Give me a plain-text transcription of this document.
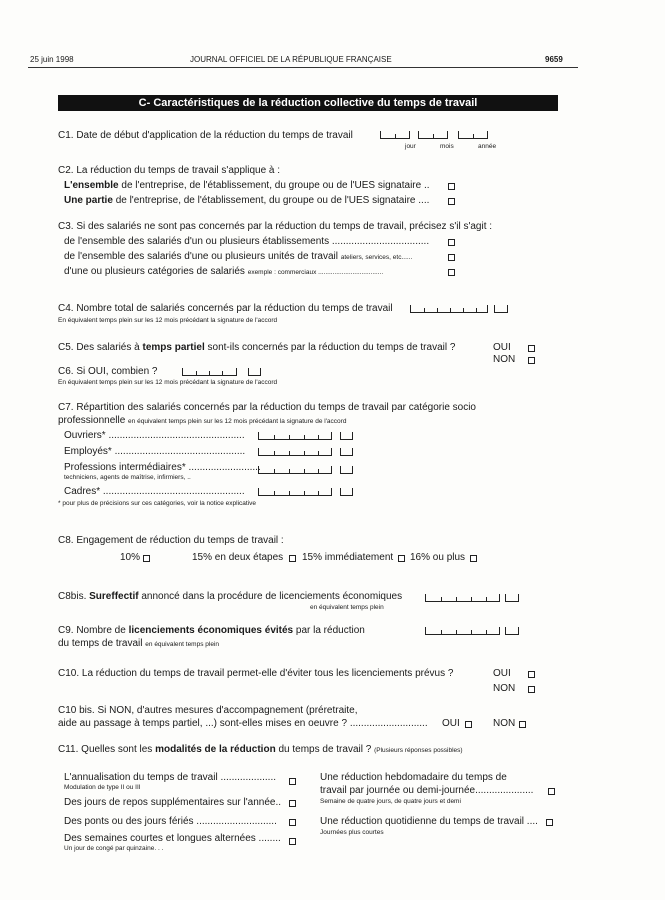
25 juin 1998	JOURNAL OFFICIEL DE LA RÉPUBLIQUE FRANÇAISE	9659
C- Caractéristiques de la réduction collective du temps de travail
C1. Date de début d'application de la réduction du temps de travail
jour	mois	année
C2. La réduction du temps de travail s'applique à :
L'ensemble de l'entreprise, de l'établissement, du groupe ou de l'UES signataire ..
Une partie de l'entreprise, de l'établissement, du groupe ou de l'UES signataire ....
C3. Si des salariés ne sont pas concernés par la réduction du temps de travail, précisez s'il s'agit :
de l'ensemble des salariés d'un ou plusieurs établissements ...................................
de l'ensemble des salariés d'une ou plusieurs unités de travail ateliers, services, etc......
d'une ou plusieurs catégories de salariés exemple : commerciaux ....................................
C4. Nombre total de salariés concernés par la réduction du temps de travail
En équivalent temps plein sur les 12 mois précédant la signature de l'accord
C5. Des salariés à temps partiel sont-ils concernés par la réduction du temps de travail ?	OUI
NON
C6. Si OUI, combien ?
En équivalent temps plein sur les 12 mois précédant la signature de l'accord
C7. Répartition des salariés concernés par la réduction du temps de travail par catégorie socio
professionnelle en équivalent temps plein sur les 12 mois précédant la signature de l'accord
Ouvriers* .................................................
Employés* ...............................................
Professions intermédiaires* ..........................
techniciens, agents de maîtrise, infirmiers, ..
Cadres* ...................................................
* pour plus de précisions sur ces catégories, voir la notice explicative
C8. Engagement de réduction du temps de travail :
10%	15% en deux étapes 15% immédiatement 16% ou plus
C8bis. Sureffectif annoncé dans la procédure de licenciements économiques
en équivalent temps plein
C9. Nombre de licenciements économiques évités par la réduction
du temps de travail en équivalent temps plein
C10. La réduction du temps de travail permet-elle d'éviter tous les licenciements prévus ?	OUI
NON
C10 bis. Si NON, d'autres mesures d'accompagnement (préretraite,
aide au passage à temps partiel, ...) sont-elles mises en oeuvre ? ............................ OUI	NON
C11. Quelles sont les modalités de la réduction du temps de travail ? (Plusieurs réponses possibles)
L'annualisation du temps de travail ....................
Modulation de type II ou III
Des jours de repos supplémentaires sur l'année..
Des ponts ou des jours fériés .............................
Des semaines courtes et longues alternées ........
Un jour de congé par quinzaine. . .
Une réduction hebdomadaire du temps de
travail par journée ou demi-journée.....................
Semaine de quatre jours, de quatre jours et demi
Une réduction quotidienne du temps de travail ....
Journées plus courtes
